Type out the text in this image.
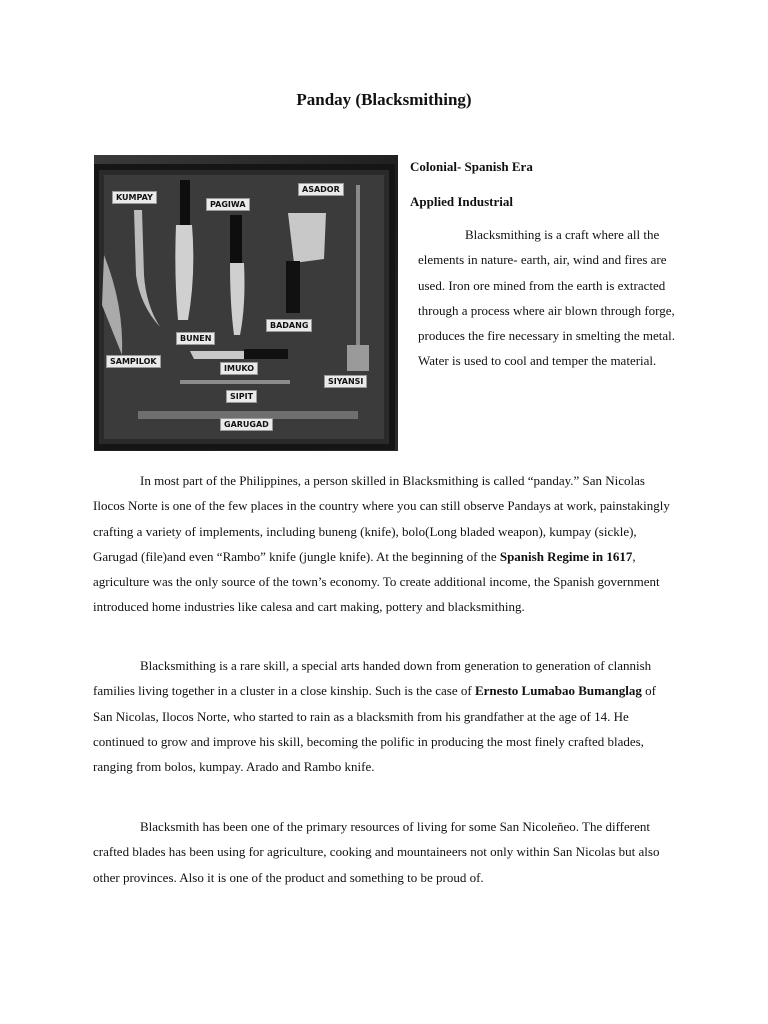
Panday (Blacksmithing)
KUMPAY
PAGIWA
ASADOR
BUNEN
BADANG
SAMPILOK
IMUKO
SIYANSI
SIPIT
GARUGAD
Colonial- Spanish Era
Applied Industrial
Blacksmithing is a craft where all the elements in nature- earth, air, wind and fires are used. Iron ore mined from the earth is extracted through a process where air blown through forge, produces the fire necessary in smelting the metal. Water is used to cool and temper the material.

In most part of the Philippines, a person skilled in Blacksmithing is called “panday.” San Nicolas Ilocos Norte is one of the few places in the country where you can still observe Pandays at work, painstakingly crafting a variety of implements, including buneng (knife), bolo(Long bladed weapon), kumpay (sickle), Garugad (file)and even “Rambo” knife (jungle knife). At the beginning of the Spanish Regime in 1617, agriculture was the only source of the town’s economy. To create additional income, the Spanish government introduced home industries like calesa and cart making, pottery and blacksmithing.

Blacksmithing is a rare skill, a special arts handed down from generation to generation of clannish families living together in a cluster in a close kinship. Such is the case of Ernesto Lumabao Bumanglag of San Nicolas, Ilocos Norte, who started to rain as a blacksmith from his grandfather at the age of 14. He continued to grow and improve his skill, becoming the polific in producing the most finely crafted blades, ranging from bolos, kumpay. Arado and Rambo knife.

Blacksmith has been one of the primary resources of living for some San Nicoleňeo. The different crafted blades has been using for agriculture, cooking and mountaineers not only within San Nicolas but also other provinces. Also it is one of the product and something to be proud of.
